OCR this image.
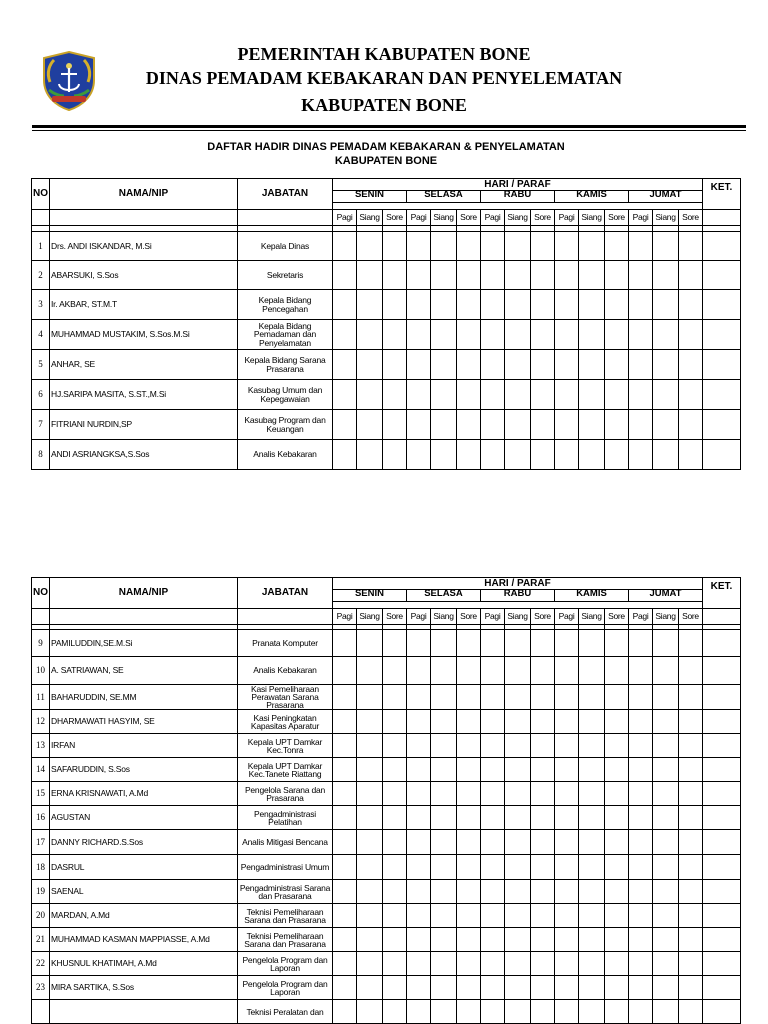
PEMERINTAH KABUPATEN BONE
DINAS PEMADAM KEBAKARAN DAN PENYELEMATAN
KABUPATEN BONE
DAFTAR HADIR DINAS PEMADAM KEBAKARAN & PENYELAMATAN
KABUPATEN BONE
NO	NAMA/NIP	JABATAN	HARI / PARAF															KET.
			SENIN			SELASA			RABU			KAMIS			JUMAT			

			Pagi	Siang	Sore	Pagi	Siang	Sore	Pagi	Siang	Sore	Pagi	Siang	Sore	Pagi	Siang	Sore	

1	Drs. ANDI ISKANDAR, M.Si	Kepala Dinas																
2	ABARSUKI, S.Sos	Sekretaris																
3	Ir. AKBAR, ST.M.T	Kepala Bidang Pencegahan																
4	MUHAMMAD MUSTAKIM, S.Sos.M.Si	Kepala Bidang Pemadaman dan Penyelamatan																
5	ANHAR, SE	Kepala Bidang Sarana Prasarana																
6	HJ.SARIPA MASITA, S.ST.,M.Si	Kasubag Umum dan Kepegawaian																
7	FITRIANI NURDIN,SP	Kasubag Program dan Keuangan																
8	ANDI ASRIANGKSA,S.Sos	Analis Kebakaran																
NO	NAMA/NIP	JABATAN	HARI / PARAF															KET.
			SENIN			SELASA			RABU			KAMIS			JUMAT			

			Pagi	Siang	Sore	Pagi	Siang	Sore	Pagi	Siang	Sore	Pagi	Siang	Sore	Pagi	Siang	Sore	

9	PAMILUDDIN,SE.M.Si	Pranata Komputer																
10	A. SATRIAWAN, SE	Analis Kebakaran																
11	BAHARUDDIN, SE.MM	Kasi Pemeliharaan Perawatan Sarana Prasarana																
12	DHARMAWATI HASYIM, SE	Kasi Peningkatan Kapasitas Aparatur																
13	IRFAN	Kepala UPT Damkar Kec.Tonra																
14	SAFARUDDIN, S.Sos	Kepala UPT Damkar Kec.Tanete Riattang																
15	ERNA KRISNAWATI, A.Md	Pengelola Sarana dan Prasarana																
16	AGUSTAN	Pengadministrasi Pelatihan																
17	DANNY RICHARD.S.Sos	Analis Mitigasi Bencana																
18	DASRUL	Pengadministrasi Umum																
19	SAENAL	Pengadministrasi Sarana dan Prasarana																
20	MARDAN, A.Md	Teknisi Pemeliharaan Sarana dan Prasarana																
21	MUHAMMAD KASMAN MAPPIASSE, A.Md	Teknisi Pemeliharaan Sarana dan Prasarana																
22	KHUSNUL KHATIMAH, A.Md	Pengelola Program dan Laporan																
23	MIRA SARTIKA, S.Sos	Pengelola Program dan Laporan																
		Teknisi Peralatan dan																
